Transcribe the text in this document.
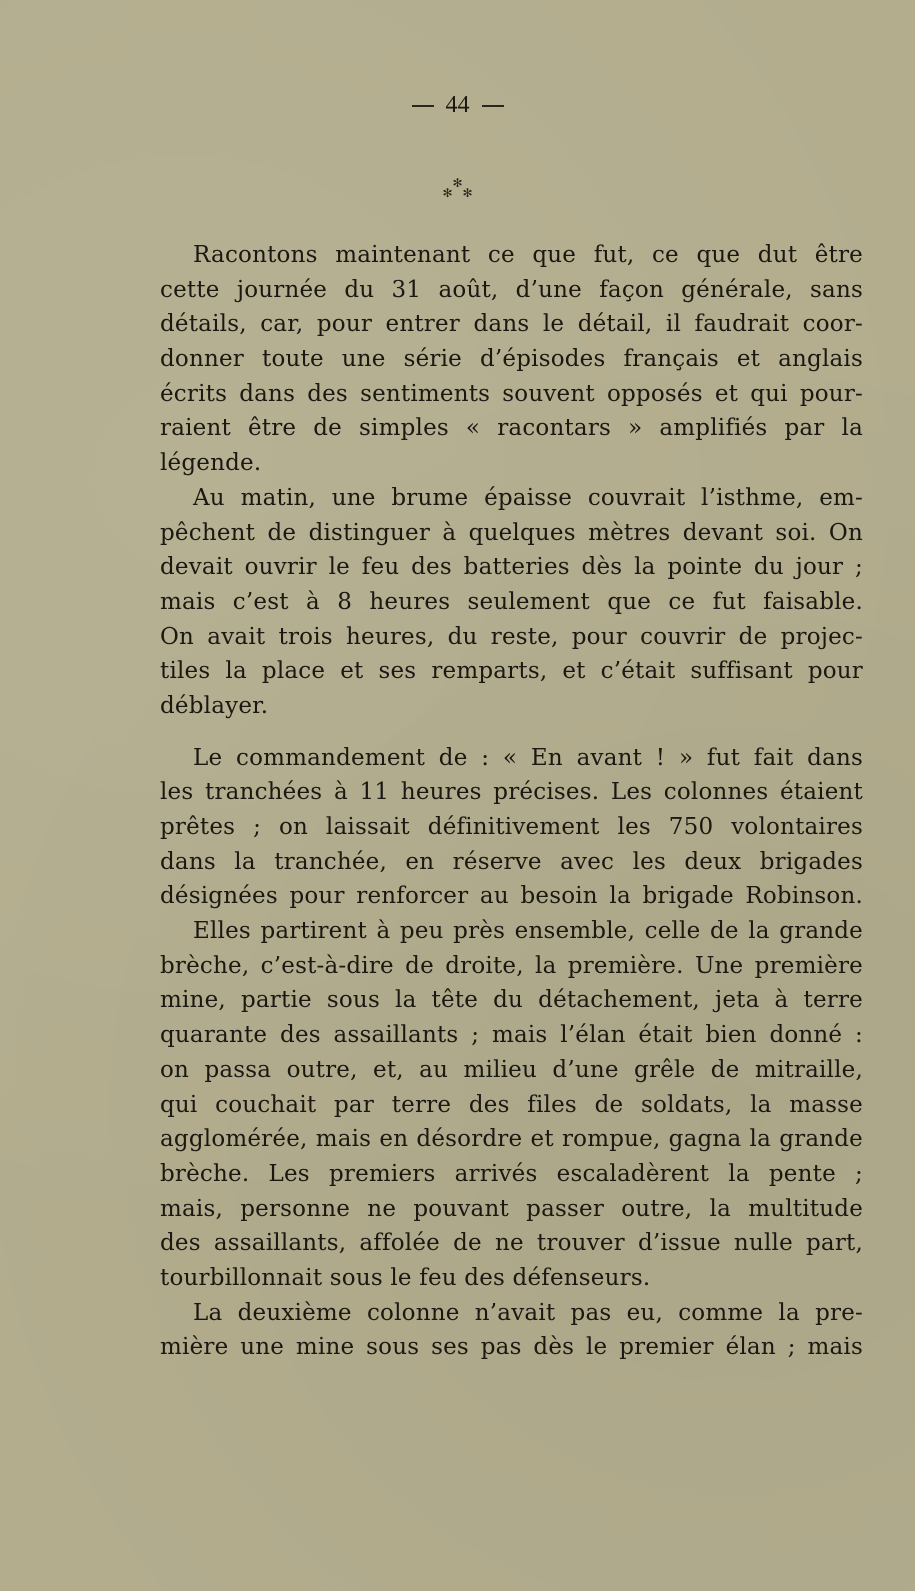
44
✻
✻ ✻
Racontons maintenant ce que fut, ce que dut être
cette journée du 31 août, d’une façon générale, sans
détails, car, pour entrer dans le détail, il faudrait coor-
donner toute une série d’épisodes français et anglais
écrits dans des sentiments souvent opposés et qui pour-
raient être de simples « racontars » amplifiés par la
légende.
Au matin, une brume épaisse couvrait l’isthme, em-
pêchent de distinguer à quelques mètres devant soi. On
devait ouvrir le feu des batteries dès la pointe du jour ;
mais c’est à 8 heures seulement que ce fut faisable.
On avait trois heures, du reste, pour couvrir de projec-
tiles la place et ses remparts, et c’était suffisant pour
déblayer.
Le commandement de : « En avant ! » fut fait dans
les tranchées à 11 heures précises. Les colonnes étaient
prêtes ; on laissait définitivement les 750 volontaires
dans la tranchée, en réserve avec les deux brigades
désignées pour renforcer au besoin la brigade Robinson.
Elles partirent à peu près ensemble, celle de la grande
brèche, c’est-à-dire de droite, la première. Une première
mine, partie sous la tête du détachement, jeta à terre
quarante des assaillants ; mais l’élan était bien donné :
on passa outre, et, au milieu d’une grêle de mitraille,
qui couchait par terre des files de soldats, la masse
agglomérée, mais en désordre et rompue, gagna la grande
brèche. Les premiers arrivés escaladèrent la pente ;
mais, personne ne pouvant passer outre, la multitude
des assaillants, affolée de ne trouver d’issue nulle part,
tourbillonnait sous le feu des défenseurs.
La deuxième colonne n’avait pas eu, comme la pre-
mière une mine sous ses pas dès le premier élan ; mais
